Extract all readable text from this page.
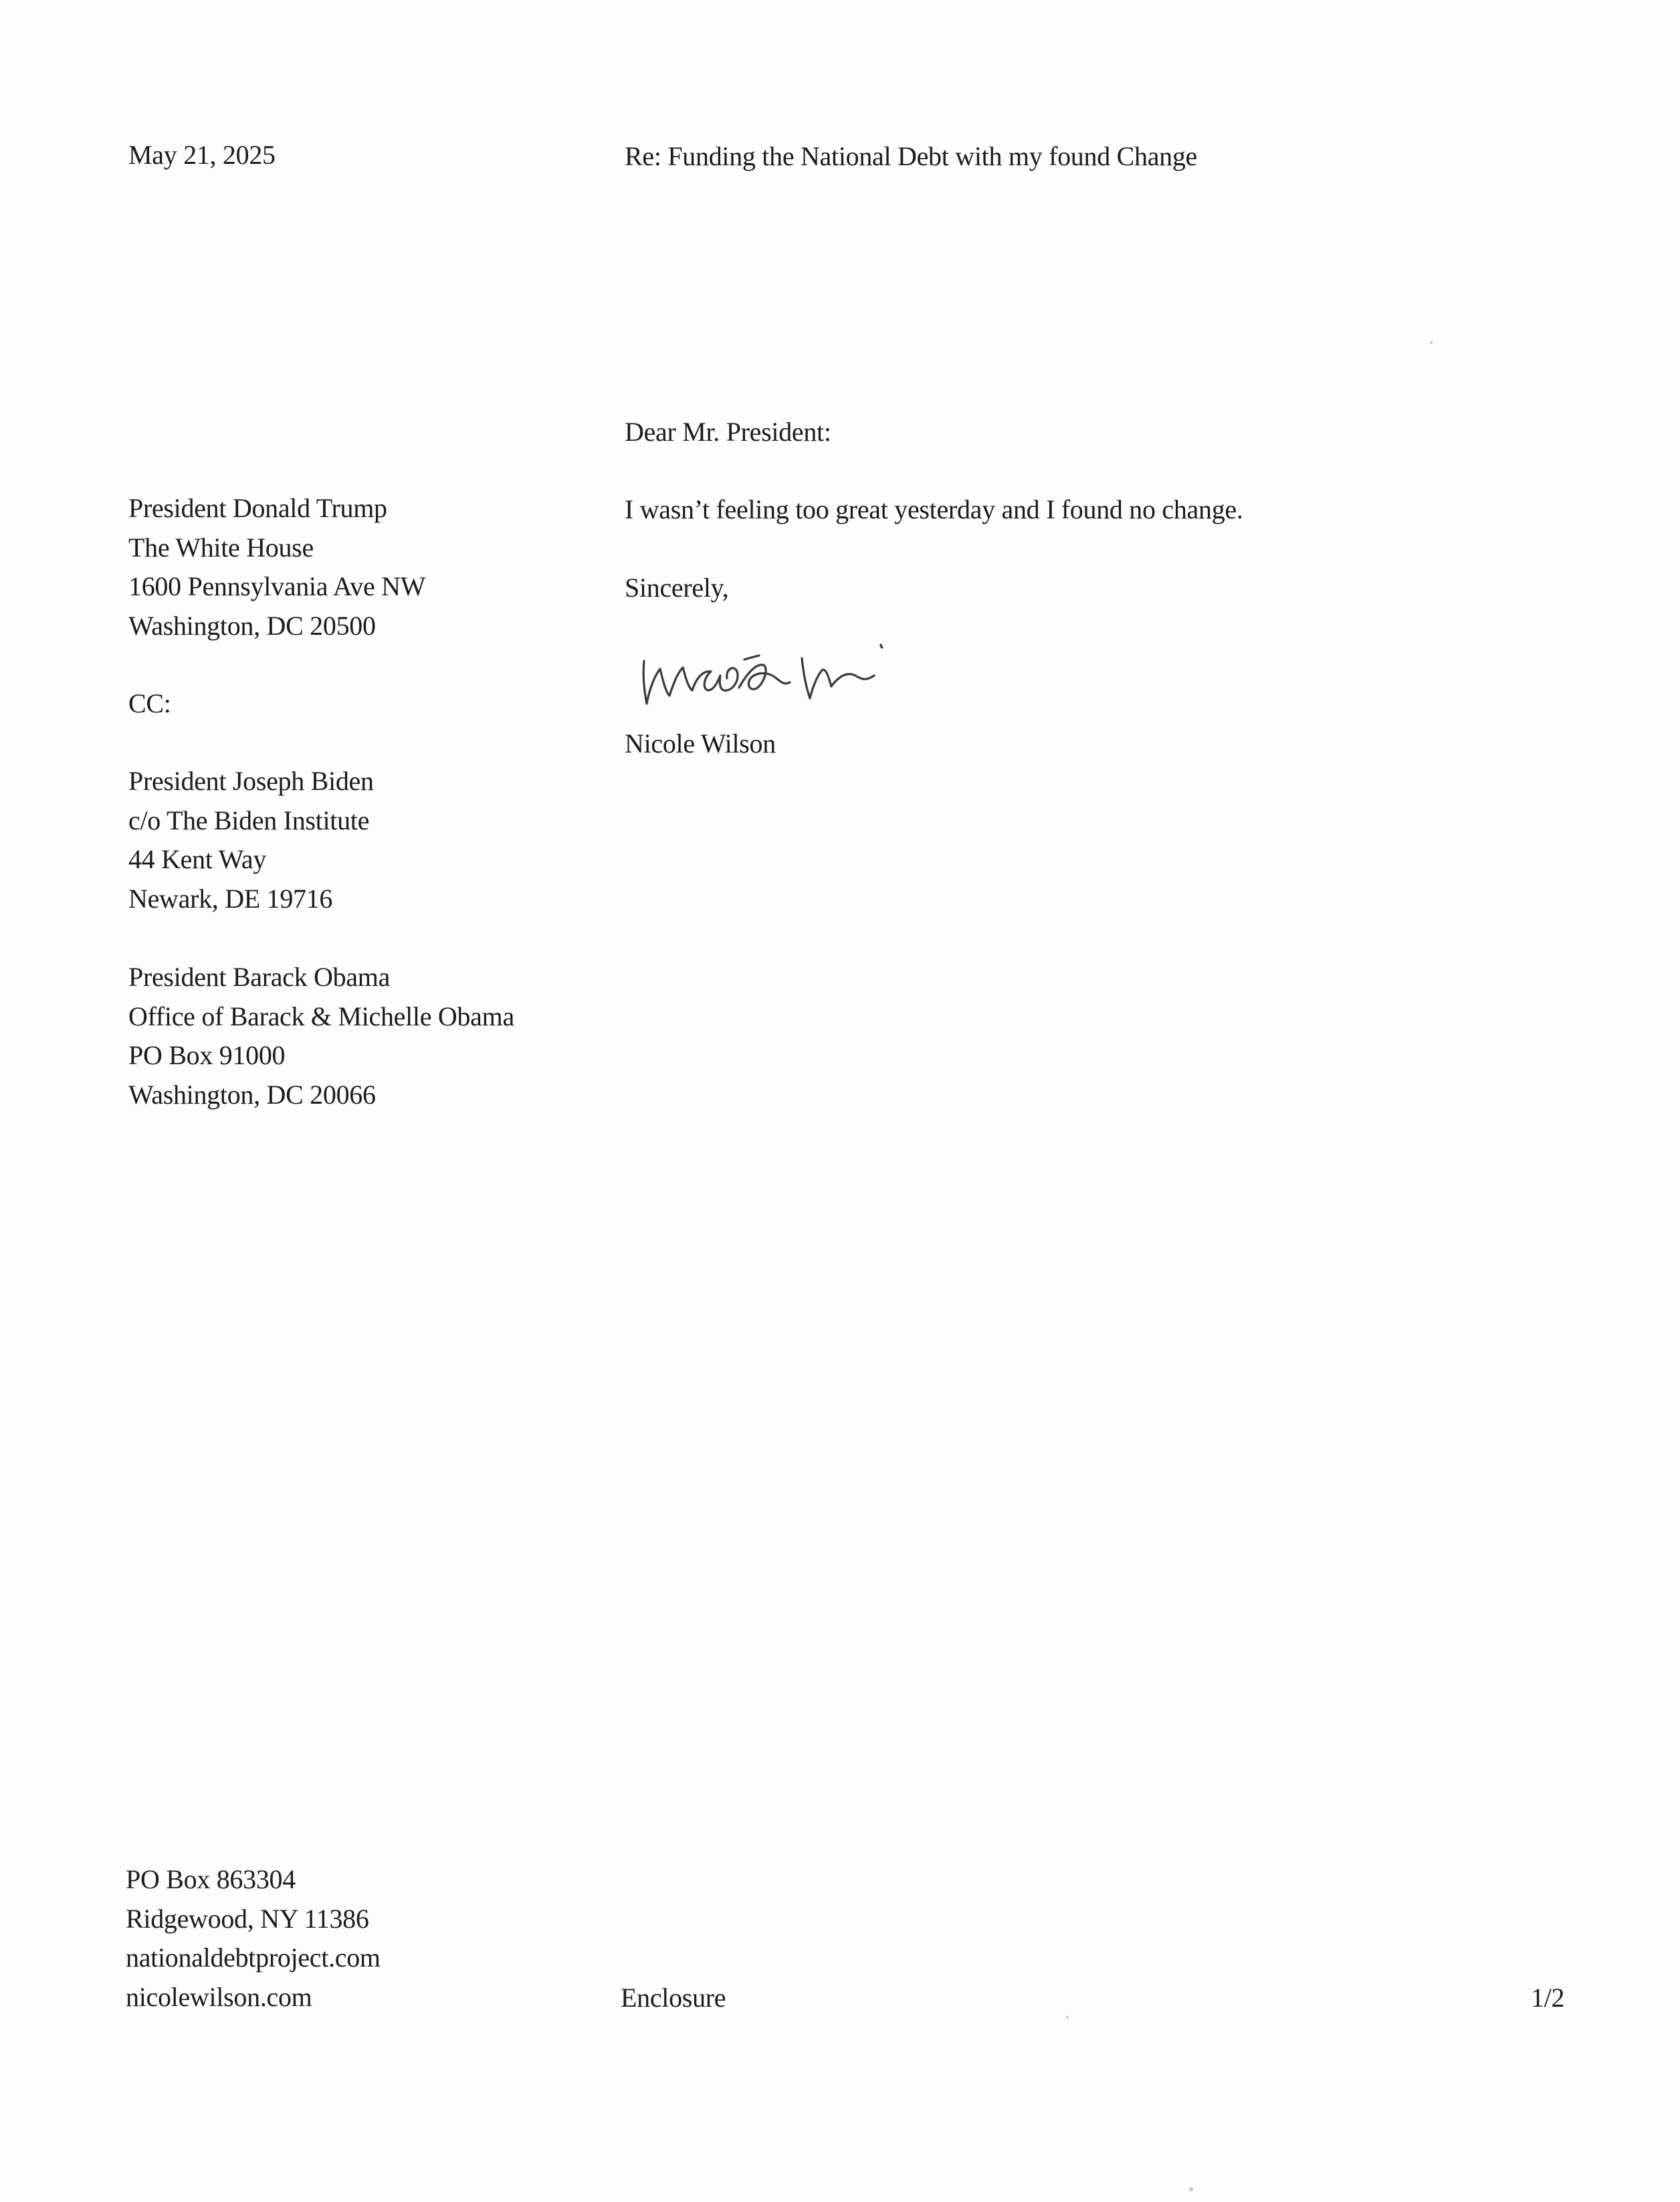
May 21, 2025	Re: Funding the National Debt with my found Change
Dear Mr. President:
President Donald Trump
The White House
1600 Pennsylvania Ave NW
Washington, DC 20500
I wasn’t feeling too great yesterday and I found no change.
Sincerely,
Nicole Wilson
CC:
President Joseph Biden
c/o The Biden Institute
44 Kent Way
Newark, DE 19716
President Barack Obama
Office of Barack & Michelle Obama
PO Box 91000
Washington, DC 20066
PO Box 863304
Ridgewood, NY 11386
nationaldebtproject.com
nicolewilson.com	Enclosure	1/2
